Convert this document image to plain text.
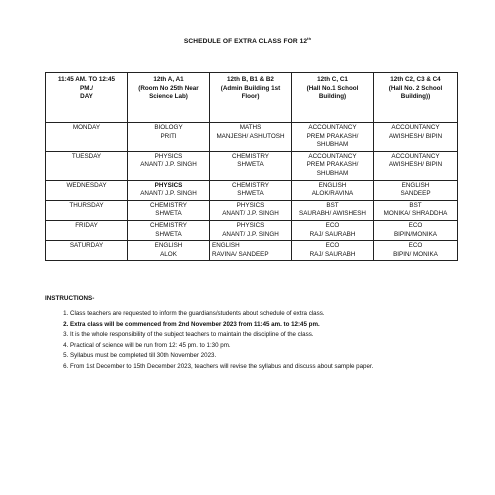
SCHEDULE OF EXTRA CLASS FOR 12th
11:45 AM. TO 12:45
PM./
DAY	12th A, A1
(Room No 25th Near
Science Lab)	12th B, B1 & B2
(Admin Building 1st
Floor)	12th C, C1
(Hall No.1 School
Building)	12th C2, C3 & C4
(Hall No. 2 School
Building))

MONDAY	BIOLOGY
PRITI	MATHS
MANJESH/ ASHUTOSH	ACCOUNTANCY
PREM PRAKASH/
SHUBHAM	ACCOUNTANCY
AWISHESH/ BIPIN

TUESDAY	PHYSICS
ANANT/ J.P. SINGH	CHEMISTRY
SHWETA	ACCOUNTANCY
PREM PRAKASH/
SHUBHAM	ACCOUNTANCY
AWISHESH/ BIPIN

WEDNESDAY	PHYSICS
ANANT/ J.P. SINGH	CHEMISTRY
SHWETA	ENGLISH
ALOK/RAVINA	ENGLISH
SANDEEP

THURSDAY	CHEMISTRY
SHWETA	PHYSICS
ANANT/ J.P. SINGH	BST
SAURABH/ AWISHESH	BST
MONIKA/ SHRADDHA

FRIDAY	CHEMISTRY
SHWETA	PHYSICS
ANANT/ J.P. SINGH	ECO
RAJ/ SAURABH	ECO
BIPIN/MONIKA

SATURDAY	ENGLISH
ALOK	ENGLISH
RAVINA/ SANDEEP	ECO
RAJ/ SAURABH	ECO
BIPIN/ MONIKA
INSTRUCTIONS-
1. Class teachers are requested to inform the guardians/students about schedule of extra class.
2. Extra class will be commenced from 2nd November 2023 from 11:45 am. to 12:45 pm.
3. It is the whole responsibility of the subject teachers to maintain the discipline of the class.
4. Practical of science will be run from 12: 45 pm. to 1:30 pm.
5. Syllabus must be completed till 30th November 2023.
6. From 1st December to 15th December 2023, teachers will revise the syllabus and discuss about sample paper.
